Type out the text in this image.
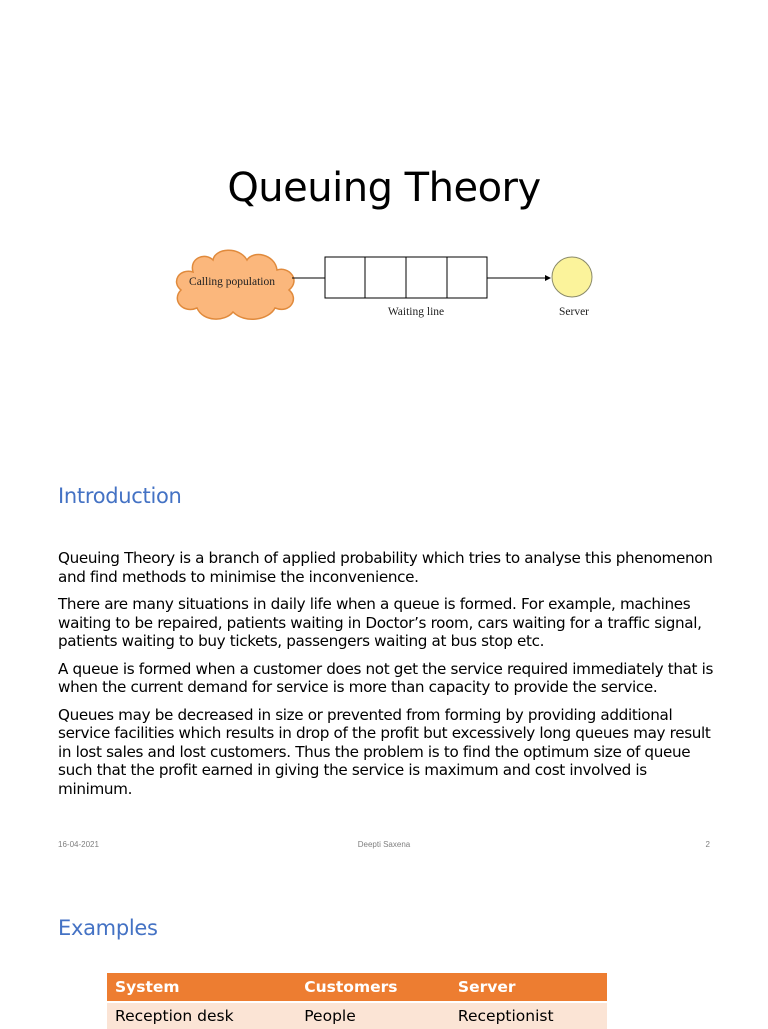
Queuing Theory
Calling population
Waiting line	Server
Introduction

Queuing Theory is a branch of applied probability which tries to analyse this phenomenon and find methods to minimise the inconvenience.

There are many situations in daily life when a queue is formed. For example, machines waiting to be repaired, patients waiting in Doctor’s room, cars waiting for a traffic signal, patients waiting to buy tickets, passengers waiting at bus stop etc.

A queue is formed when a customer does not get the service required immediately that is when the current demand for service is more than capacity to provide the service.

Queues may be decreased in size or prevented from forming by providing additional service facilities which results in drop of the profit but excessively long queues may result in lost sales and lost customers. Thus the problem is to find the optimum size of queue such that the profit earned in giving the service is maximum and cost involved is minimum.

16-04-2021	Deepti Saxena	2
Examples
System	Customers	Server
Reception desk	People	Receptionist
